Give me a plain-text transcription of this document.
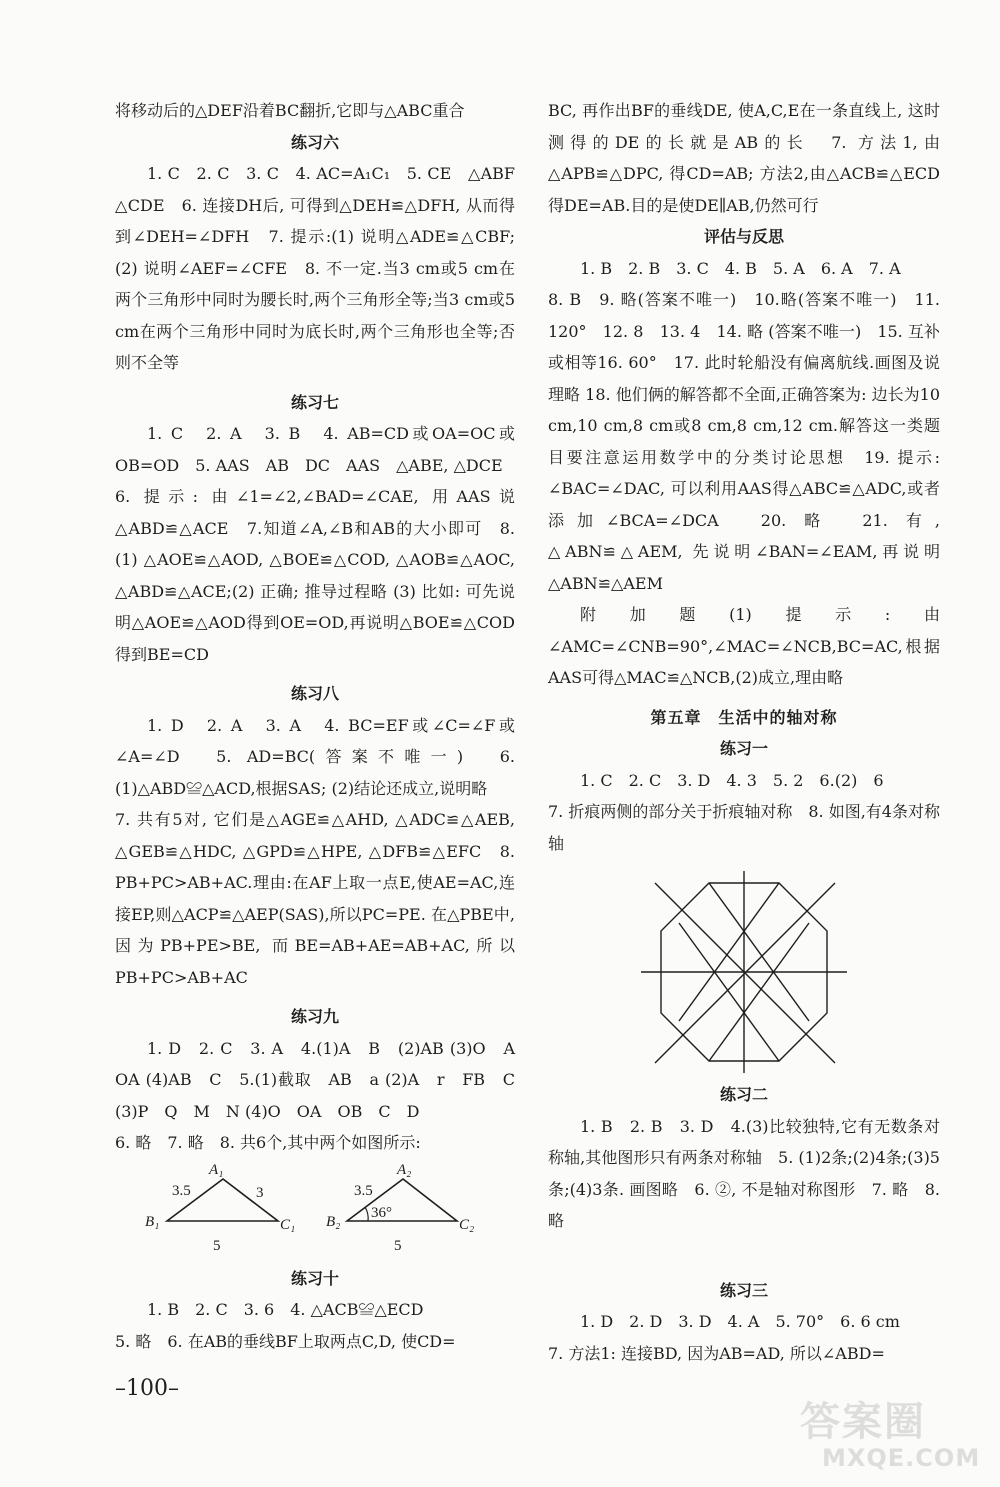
将移动后的△DEF沿着BC翻折,它即与△ABC重合

练习六

1. C　2. C　3. C　4. AC=A₁C₁　5. CE　△ABF　△CDE　6. 连接DH后, 可得到△DEH≌△DFH, 从而得到∠DEH=∠DFH　7. 提示:(1) 说明△ADE≌△CBF;(2) 说明∠AEF=∠CFE　8. 不一定.当3 cm或5 cm在两个三角形中同时为腰长时,两个三角形全等;当3 cm或5 cm在两个三角形中同时为底长时,两个三角形也全等;否则不全等

练习七

1. C　2. A　3. B　4. AB=CD或OA=OC或OB=OD　5. AAS　AB　DC　AAS　△ABE, △DCE

6. 提示: 由∠1=∠2,∠BAD=∠CAE, 用AAS说△ABD≌△ACE　7.知道∠A,∠B和AB的大小即可　8.(1) △AOE≌△AOD, △BOE≌△COD, △AOB≌△AOC, △ABD≌△ACE;(2) 正确; 推导过程略 (3) 比如: 可先说明△AOE≌△AOD得到OE=OD,再说明△BOE≌△COD得到BE=CD

练习八

1. D　2. A　3. A　4. BC=EF或∠C=∠F或∠A=∠D　5. AD=BC(答案不唯一)　6.(1)△ABD≌△ACD,根据SAS; (2)结论还成立,说明略

7. 共有5对, 它们是△AGE≌△AHD, △ADC≌△AEB, △GEB≌△HDC, △GPD≌△HPE, △DFB≌△EFC　8. PB+PC>AB+AC.理由:在AF上取一点E,使AE=AC,连接EP,则△ACP≌△AEP(SAS),所以PC=PE. 在△PBE中, 因为PB+PE>BE, 而BE=AB+AE=AB+AC,所以PB+PC>AB+AC

练习九

1. D　2. C　3. A　4.(1)A　B　(2)AB (3)O　A　OA (4)AB　C　5.(1)截取　AB　a (2)A　r　FB　C (3)P　Q　M　N (4)O　OA　OB　C　D

6. 略　7. 略　8. 共6个,其中两个如图所示:

A₁
B₁	C₁
3.5	3
5
A₂
B₂	C₂
3.5
36°
5

练习十

1. B　2. C　3. 6　4. △ACB≌△ECD

5. 略　6. 在AB的垂线BF上取两点C,D, 使CD=

BC, 再作出BF的垂线DE, 使A,C,E在一条直线上, 这时测得的DE的长就是AB的长　7. 方法1,由△APB≌△DPC, 得CD=AB; 方法2,由△ACB≌△ECD得DE=AB.目的是使DE∥AB,仍然可行

评估与反思

1. B　2. B　3. C　4. B　5. A　6. A　7. A

8. B　9. 略(答案不唯一)　10.略(答案不唯一)　11. 120°　12. 8　13. 4　14. 略 (答案不唯一)　15. 互补或相等16. 60°　17. 此时轮船没有偏离航线.画图及说理略 18. 他们俩的解答都不全面,正确答案为: 边长为10 cm,10 cm,8 cm或8 cm,8 cm,12 cm.解答这一类题目要注意运用数学中的分类讨论思想　19. 提示: ∠BAC=∠DAC, 可以利用AAS得△ABC≌△ADC,或者添加∠BCA=∠DCA　20. 略　21. 有, △ABN≌△AEM, 先说明∠BAN=∠EAM,再说明△ABN≌△AEM

附加题(1)提示:由∠AMC=∠CNB=90°,∠MAC=∠NCB,BC=AC,根据AAS可得△MAC≌△NCB,(2)成立,理由略

第五章　生活中的轴对称

练习一

1. C　2. C　3. D　4. 3　5. 2　6.(2)　6

7. 折痕两侧的部分关于折痕轴对称　8. 如图,有4条对称轴

练习二

1. B　2. B　3. D　4.(3)比较独特,它有无数条对称轴,其他图形只有两条对称轴　5. (1)2条;(2)4条;(3)5条;(4)3条. 画图略　6. ②, 不是轴对称图形　7. 略　8. 略

练习三

1. D　2. D　3. D　4. A　5. 70°　6. 6 cm

7. 方法1: 连接BD, 因为AB=AD, 所以∠ABD=

–100–
答案圈
MXQE.COM
